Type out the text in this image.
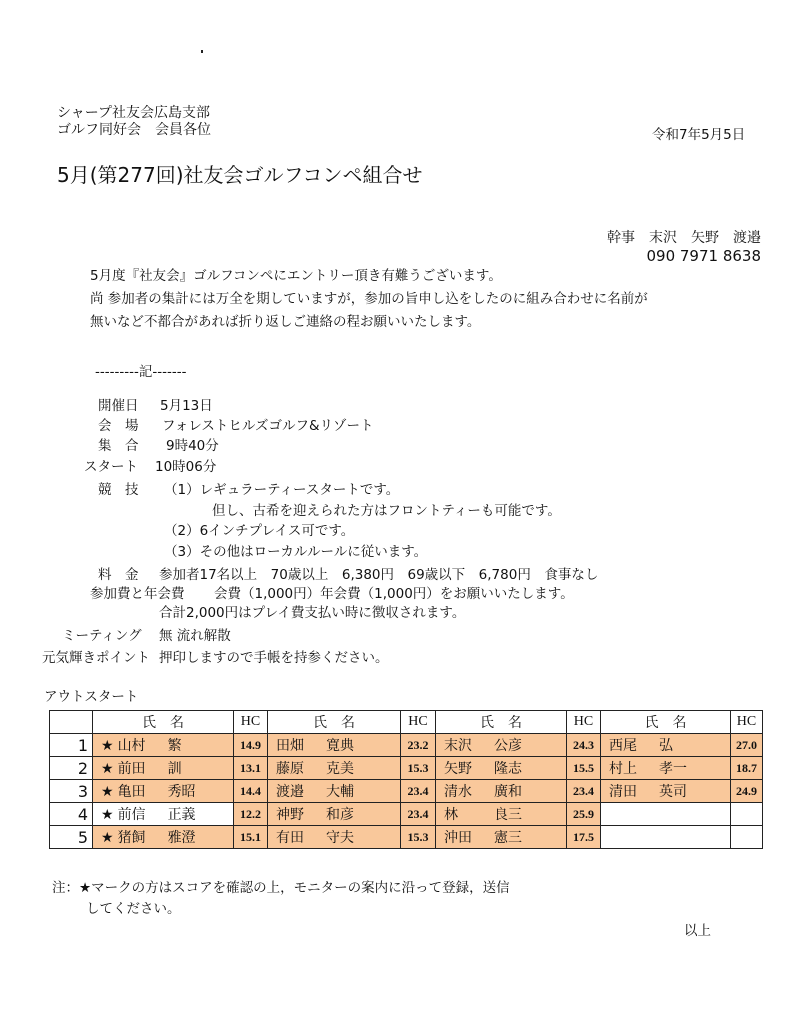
シャープ社友会広島支部
ゴルフ同好会　会員各位	令和7年5月5日
5月(第277回)社友会ゴルフコンペ組合せ
幹事　末沢　矢野　渡邉
090 7971 8638
5月度『社友会』ゴルフコンペにエントリー頂き有難うございます。
尚 参加者の集計には万全を期していますが，参加の旨申し込をしたのに組み合わせに名前が
無いなど不都合があれば折り返しご連絡の程お願いいたします。
---------記-------
開催日 5月13日
会　場 フォレストヒルズゴルフ&リゾート
集　合 9時40分
スタート 10時06分
競　技 （1）レギュラーティースタートです。
但し、古希を迎えられた方はフロントティーも可能です。
（2）6インチプレイス可です。
（3）その他はローカルルールに従います。
料　金 参加者17名以上　70歳以上　6,380円　69歳以下　6,780円　食事なし
参加費と年会費 会費（1,000円）年会費（1,000円）をお願いいたします。
合計2,000円はプレイ費支払い時に徴収されます。
ミーティング 無 流れ解散
元気輝きポイント 押印しますので手帳を持参ください。
アウトスタート
	氏　名	HC	氏　名	HC	氏　名	HC	氏　名	HC
1	★ 山村 繁	14.9	田畑 寛典	23.2	末沢 公彦	24.3	西尾 弘	27.0
2	★ 前田 訓	13.1	藤原 克美	15.3	矢野 隆志	15.5	村上 孝一	18.7
3	★ 亀田 秀昭	14.4	渡邉 大輔	23.4	清水 廣和	23.4	清田 英司	24.9
4	★ 前信 正義	12.2	神野 和彦	23.4	林 良三	25.9		
5	★ 猪飼 雅澄	15.1	有田 守夫	15.3	沖田 憲三	17.5		
注：★マークの方はスコアを確認の上，モニターの案内に沿って登録，送信
してください。
以上
